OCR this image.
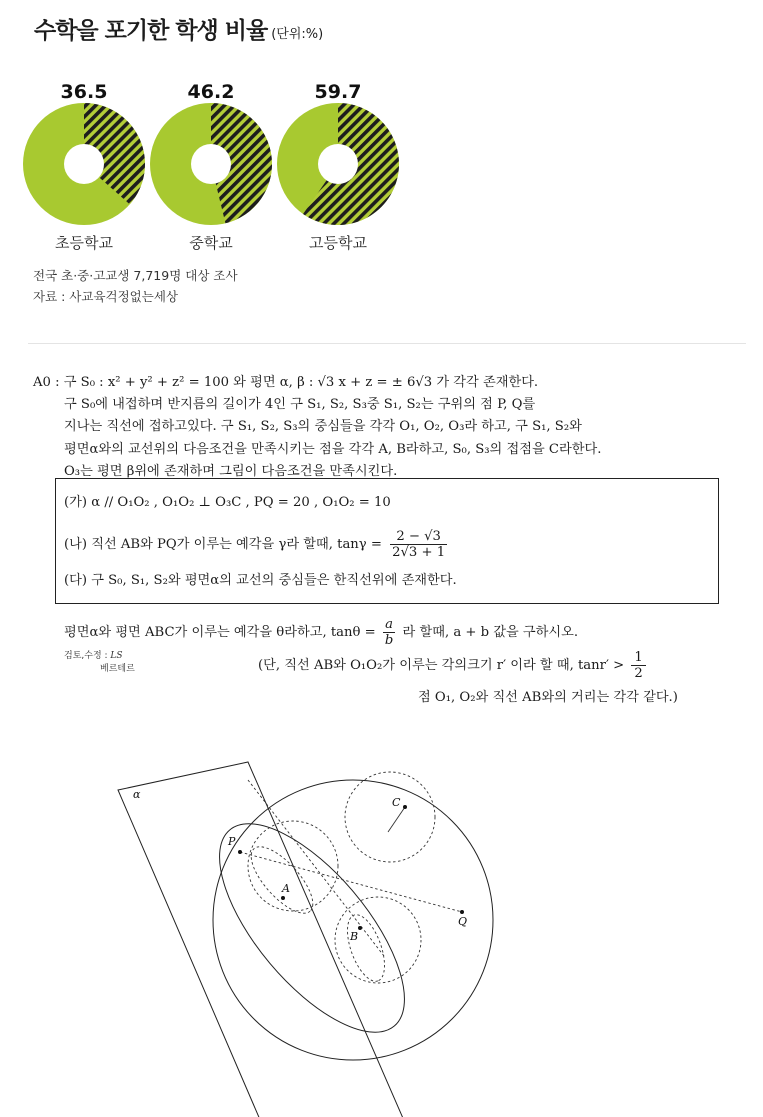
수학을 포기한 학생 비율 (단위:%)
36.5
초등학교
46.2
중학교
59.7
고등학교
전국 초·중·고교생 7,719명 대상 조사
자료 : 사교육걱정없는세상
A0 : 구 S₀ : x² + y² + z² = 100 와 평면 α, β : √3 x + z = ± 6√3 가 각각 존재한다.
구 S₀에 내접하며 반지름의 길이가 4인 구 S₁, S₂, S₃중 S₁, S₂는 구위의 점 P, Q를
지나는 직선에 접하고있다. 구 S₁, S₂, S₃의 중심들을 각각 O₁, O₂, O₃라 하고, 구 S₁, S₂와
평면α와의 교선위의 다음조건을 만족시키는 점을 각각 A, B라하고, S₀, S₃의 접점을 C라한다.
O₃는 평면 β위에 존재하며 그림이 다음조건을 만족시킨다.
(가) α // O₁O₂ , O₁O₂ ⊥ O₃C , PQ = 20 , O₁O₂ = 10
(나) 직선 AB와 PQ가 이루는 예각을 γ라 할때, $\tan\gamma = \frac{2 - √3}{2√3 + 1}$
(다) 구 S₀, S₁, S₂와 평면α의 교선의 중심들은 한직선위에 존재한다.
평면α와 평면 ABC가 이루는 예각을 θ라하고, $\tan\theta = \frac{a}{b}$ 라 할때, a + b 값을 구하시오.
검토,수정 : LS
베르테르	(단, 직선 AB와 O₁O₂가 이루는 각의크기 r′ 이라 할 때, $\tan r' > \frac{1}{2}$
점 O₁, O₂와 직선 AB와의 거리는 각각 같다.)
α
P
Q
A
B
C
